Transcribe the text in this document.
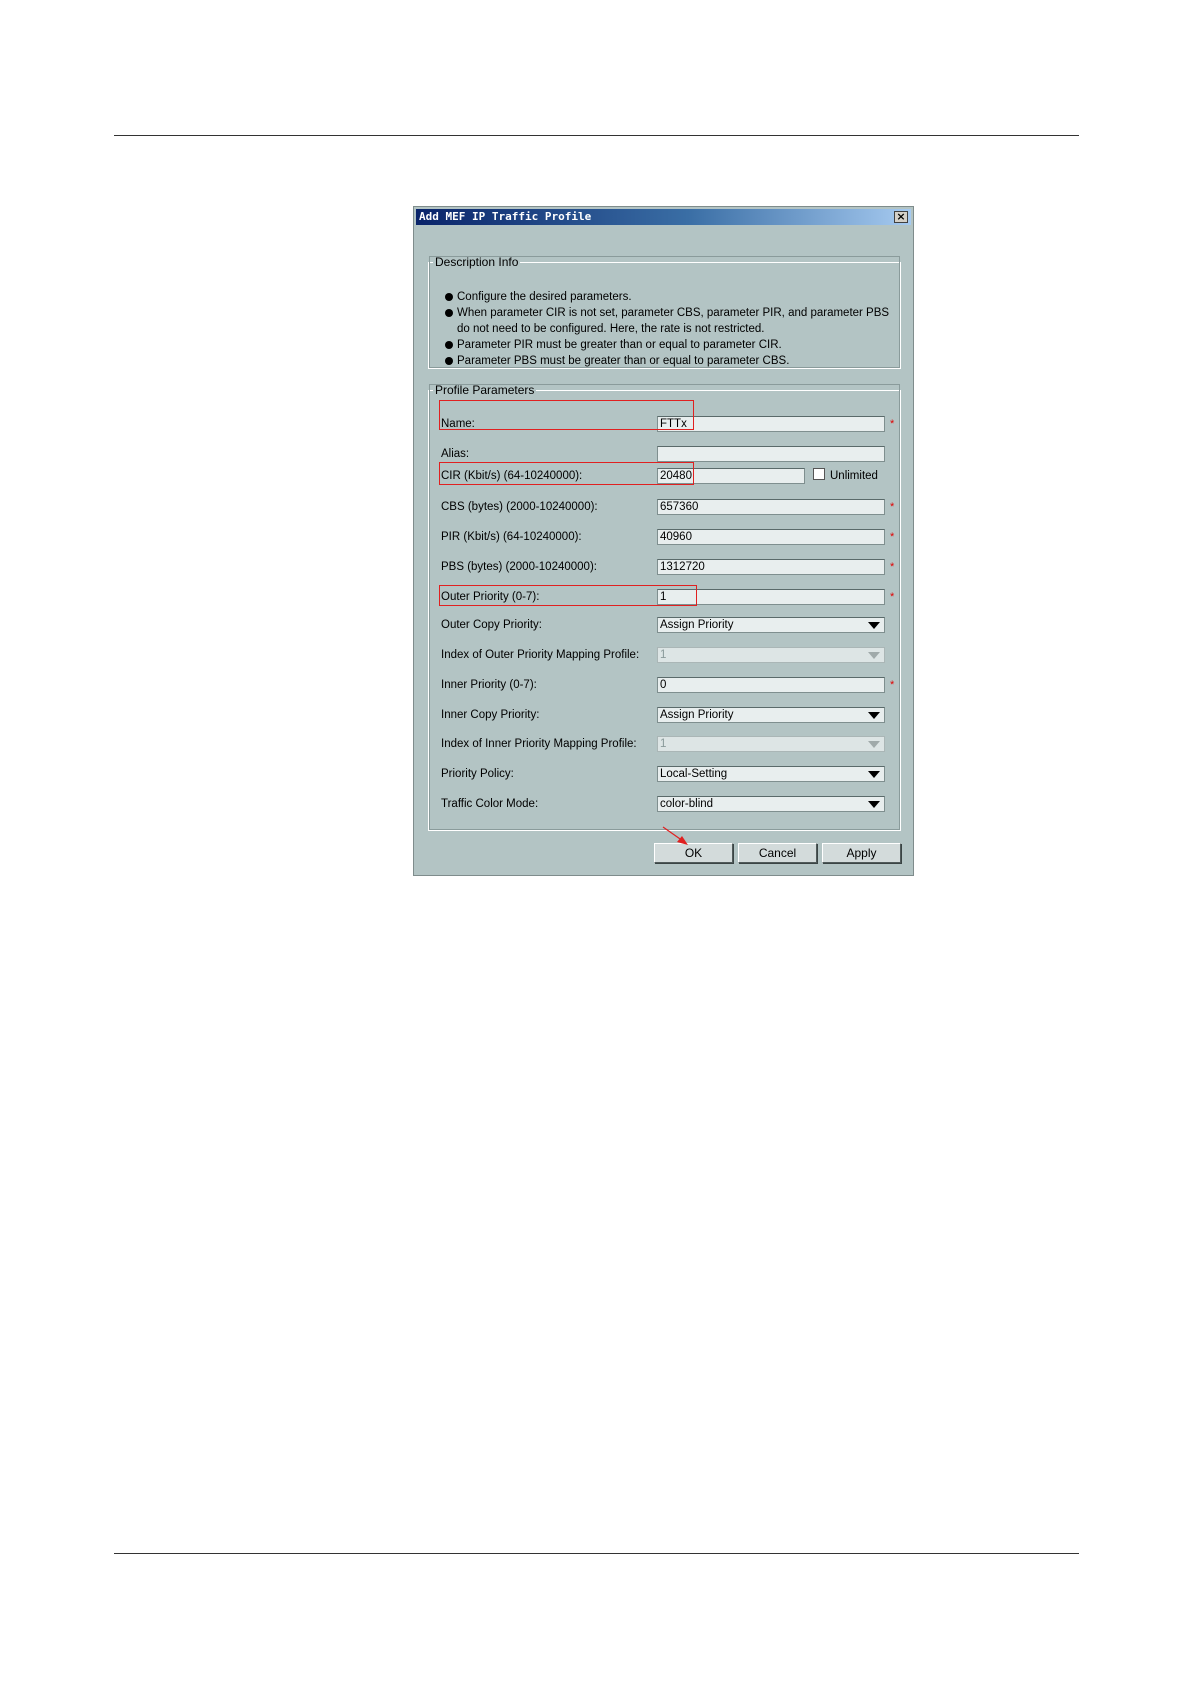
Add MEF IP Traffic Profile	×
Description Info
Configure the desired parameters.
When parameter CIR is not set, parameter CBS, parameter PIR, and parameter PBS do not need to be configured. Here, the rate is not restricted.
Parameter PIR must be greater than or equal to parameter CIR.
Parameter PBS must be greater than or equal to parameter CBS.
Profile Parameters
Name:	FTTx	*
Alias:
CIR (Kbit/s) (64-10240000):	20480	Unlimited
CBS (bytes) (2000-10240000):	657360	*
PIR (Kbit/s) (64-10240000):	40960	*
PBS (bytes) (2000-10240000):	1312720	*
Outer Priority (0-7):	1	*
Outer Copy Priority:	Assign Priority
Index of Outer Priority Mapping Profile: 1
Inner Priority (0-7):	0	*
Inner Copy Priority:	Assign Priority
Index of Inner Priority Mapping Profile: 1
Priority Policy:	Local-Setting
Traffic Color Mode:	color-blind
OK	Cancel	Apply
